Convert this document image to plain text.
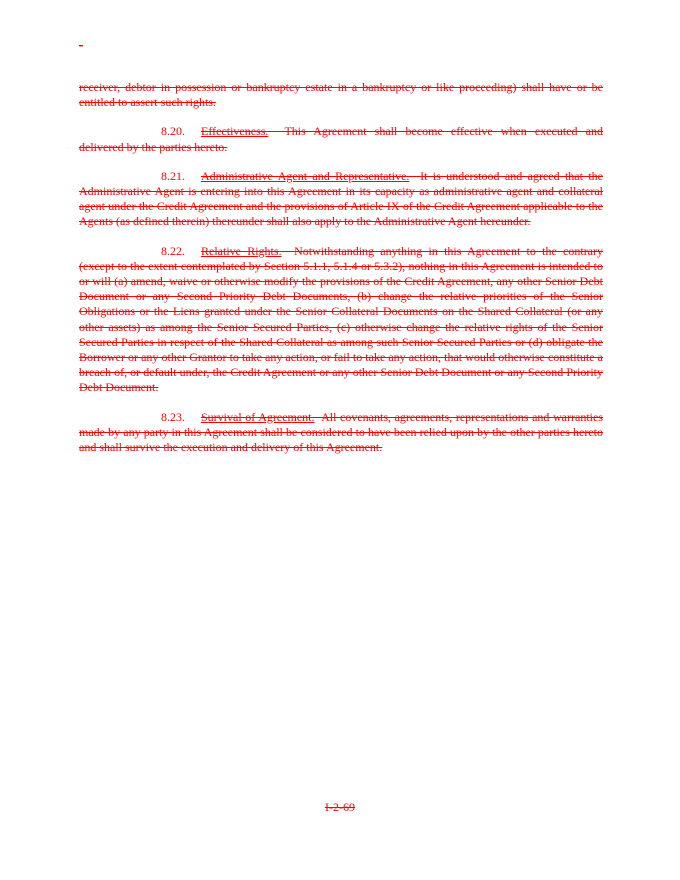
-

receiver, debtor in possession or bankruptcy estate in a bankruptcy or like proceeding) shall have or be entitled to assert such rights.

8.20. Effectiveness. This Agreement shall become effective when executed and delivered by the parties hereto.

8.21. Administrative Agent and Representative. It is understood and agreed that the Administrative Agent is entering into this Agreement in its capacity as administrative agent and collateral agent under the Credit Agreement and the provisions of Article IX of the Credit Agreement applicable to the Agents (as defined therein) thereunder shall also apply to the Administrative Agent hereunder.

8.22. Relative Rights. Notwithstanding anything in this Agreement to the contrary (except to the extent contemplated by Section 5.1.1, 5.1.4 or 5.3.2), nothing in this Agreement is intended to or will (a) amend, waive or otherwise modify the provisions of the Credit Agreement, any other Senior Debt Document or any Second Priority Debt Documents, (b) change the relative priorities of the Senior Obligations or the Liens granted under the Senior Collateral Documents on the Shared Collateral (or any other assets) as among the Senior Secured Parties, (c) otherwise change the relative rights of the Senior Secured Parties in respect of the Shared Collateral as among such Senior Secured Parties or (d) obligate the Borrower or any other Grantor to take any action, or fail to take any action, that would otherwise constitute a breach of, or default under, the Credit Agreement or any other Senior Debt Document or any Second Priority Debt Document.

8.23. Survival of Agreement. All covenants, agreements, representations and warranties made by any party in this Agreement shall be considered to have been relied upon by the other parties hereto and shall survive the execution and delivery of this Agreement.

I-2-69
